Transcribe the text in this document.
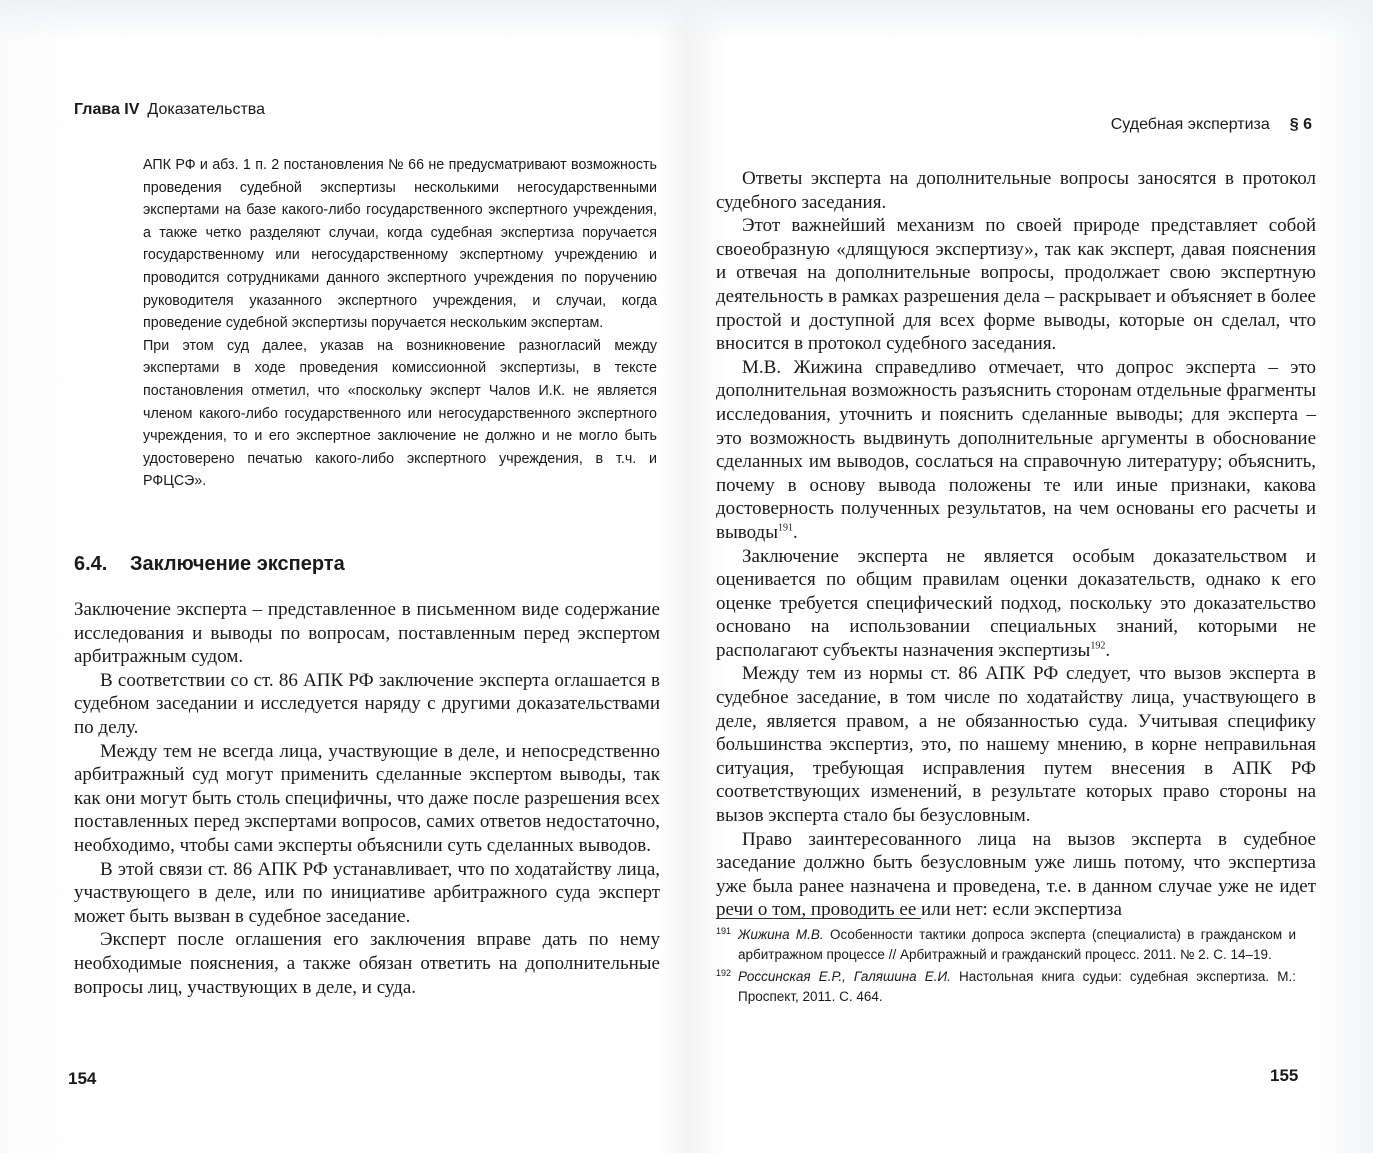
Глава IV Доказательства

АПК РФ и абз. 1 п. 2 постановления № 66 не предусматривают возможность проведения судебной экспертизы несколькими негосударственными экспертами на базе какого-либо государственного экспертного учреждения, а также четко разделяют случаи, когда судебная экспертиза поручается государственному или негосударственному экспертному учреждению и проводится сотрудниками данного экспертного учреждения по поручению руководителя указанного экспертного учреждения, и случаи, когда проведение судебной экспертизы поручается нескольким экспертам.

При этом суд далее, указав на возникновение разногласий между экспертами в ходе проведения комиссионной экспертизы, в тексте постановления отметил, что «поскольку эксперт Чалов И.К. не является членом какого-либо государственного или негосударственного экспертного учреждения, то и его экспертное заключение не должно и не могло быть удостоверено печатью какого-либо экспертного учреждения, в т.ч. и РФЦСЭ».

6.4. Заключение эксперта

Заключение эксперта – представленное в письменном виде содержание исследования и выводы по вопросам, поставленным перед экспертом арбитражным судом.

В соответствии со ст. 86 АПК РФ заключение эксперта оглашается в судебном заседании и исследуется наряду с другими доказательствами по делу.

Между тем не всегда лица, участвующие в деле, и непосредственно арбитражный суд могут применить сделанные экспертом выводы, так как они могут быть столь специфичны, что даже после разрешения всех поставленных перед экспертами вопросов, самих ответов недостаточно, необходимо, чтобы сами эксперты объяснили суть сделанных выводов.

В этой связи ст. 86 АПК РФ устанавливает, что по ходатайству лица, участвующего в деле, или по инициативе арбитражного суда эксперт может быть вызван в судебное заседание.

Эксперт после оглашения его заключения вправе дать по нему необходимые пояснения, а также обязан ответить на дополнительные вопросы лиц, участвующих в деле, и суда.

154
Судебная экспертиза § 6

Ответы эксперта на дополнительные вопросы заносятся в протокол судебного заседания.

Этот важнейший механизм по своей природе представляет собой своеобразную «длящуюся экспертизу», так как эксперт, давая пояснения и отвечая на дополнительные вопросы, продолжает свою экспертную деятельность в рамках разрешения дела – раскрывает и объясняет в более простой и доступной для всех форме выводы, которые он сделал, что вносится в протокол судебного заседания.

М.В. Жижина справедливо отмечает, что допрос эксперта – это дополнительная возможность разъяснить сторонам отдельные фрагменты исследования, уточнить и пояснить сделанные выводы; для эксперта – это возможность выдвинуть дополнительные аргументы в обоснование сделанных им выводов, сослаться на справочную литературу; объяснить, почему в основу вывода положены те или иные признаки, какова достоверность полученных результатов, на чем основаны его расчеты и выводы$^{191}$.

Заключение эксперта не является особым доказательством и оценивается по общим правилам оценки доказательств, однако к его оценке требуется специфический подход, поскольку это доказательство основано на использовании специальных знаний, которыми не располагают субъекты назначения экспертизы$^{192}$.

Между тем из нормы ст. 86 АПК РФ следует, что вызов эксперта в судебное заседание, в том числе по ходатайству лица, участвующего в деле, является правом, а не обязанностью суда. Учитывая специфику большинства экспертиз, это, по нашему мнению, в корне неправильная ситуация, требующая исправления путем внесения в АПК РФ соответствующих изменений, в результате которых право стороны на вызов эксперта стало бы безусловным.

Право заинтересованного лица на вызов эксперта в судебное заседание должно быть безусловным уже лишь потому, что экспертиза уже была ранее назначена и проведена, т.е. в данном случае уже не идет речи о том, проводить ее или нет: если экспертиза

191 Жижина М.В. Особенности тактики допроса эксперта (специалиста) в гражданском и арбитражном процессе // Арбитражный и гражданский процесс. 2011. № 2. С. 14–19.
192 Россинская Е.Р., Галяшина Е.И. Настольная книга судьи: судебная экспертиза. М.: Проспект, 2011. С. 464.
155
